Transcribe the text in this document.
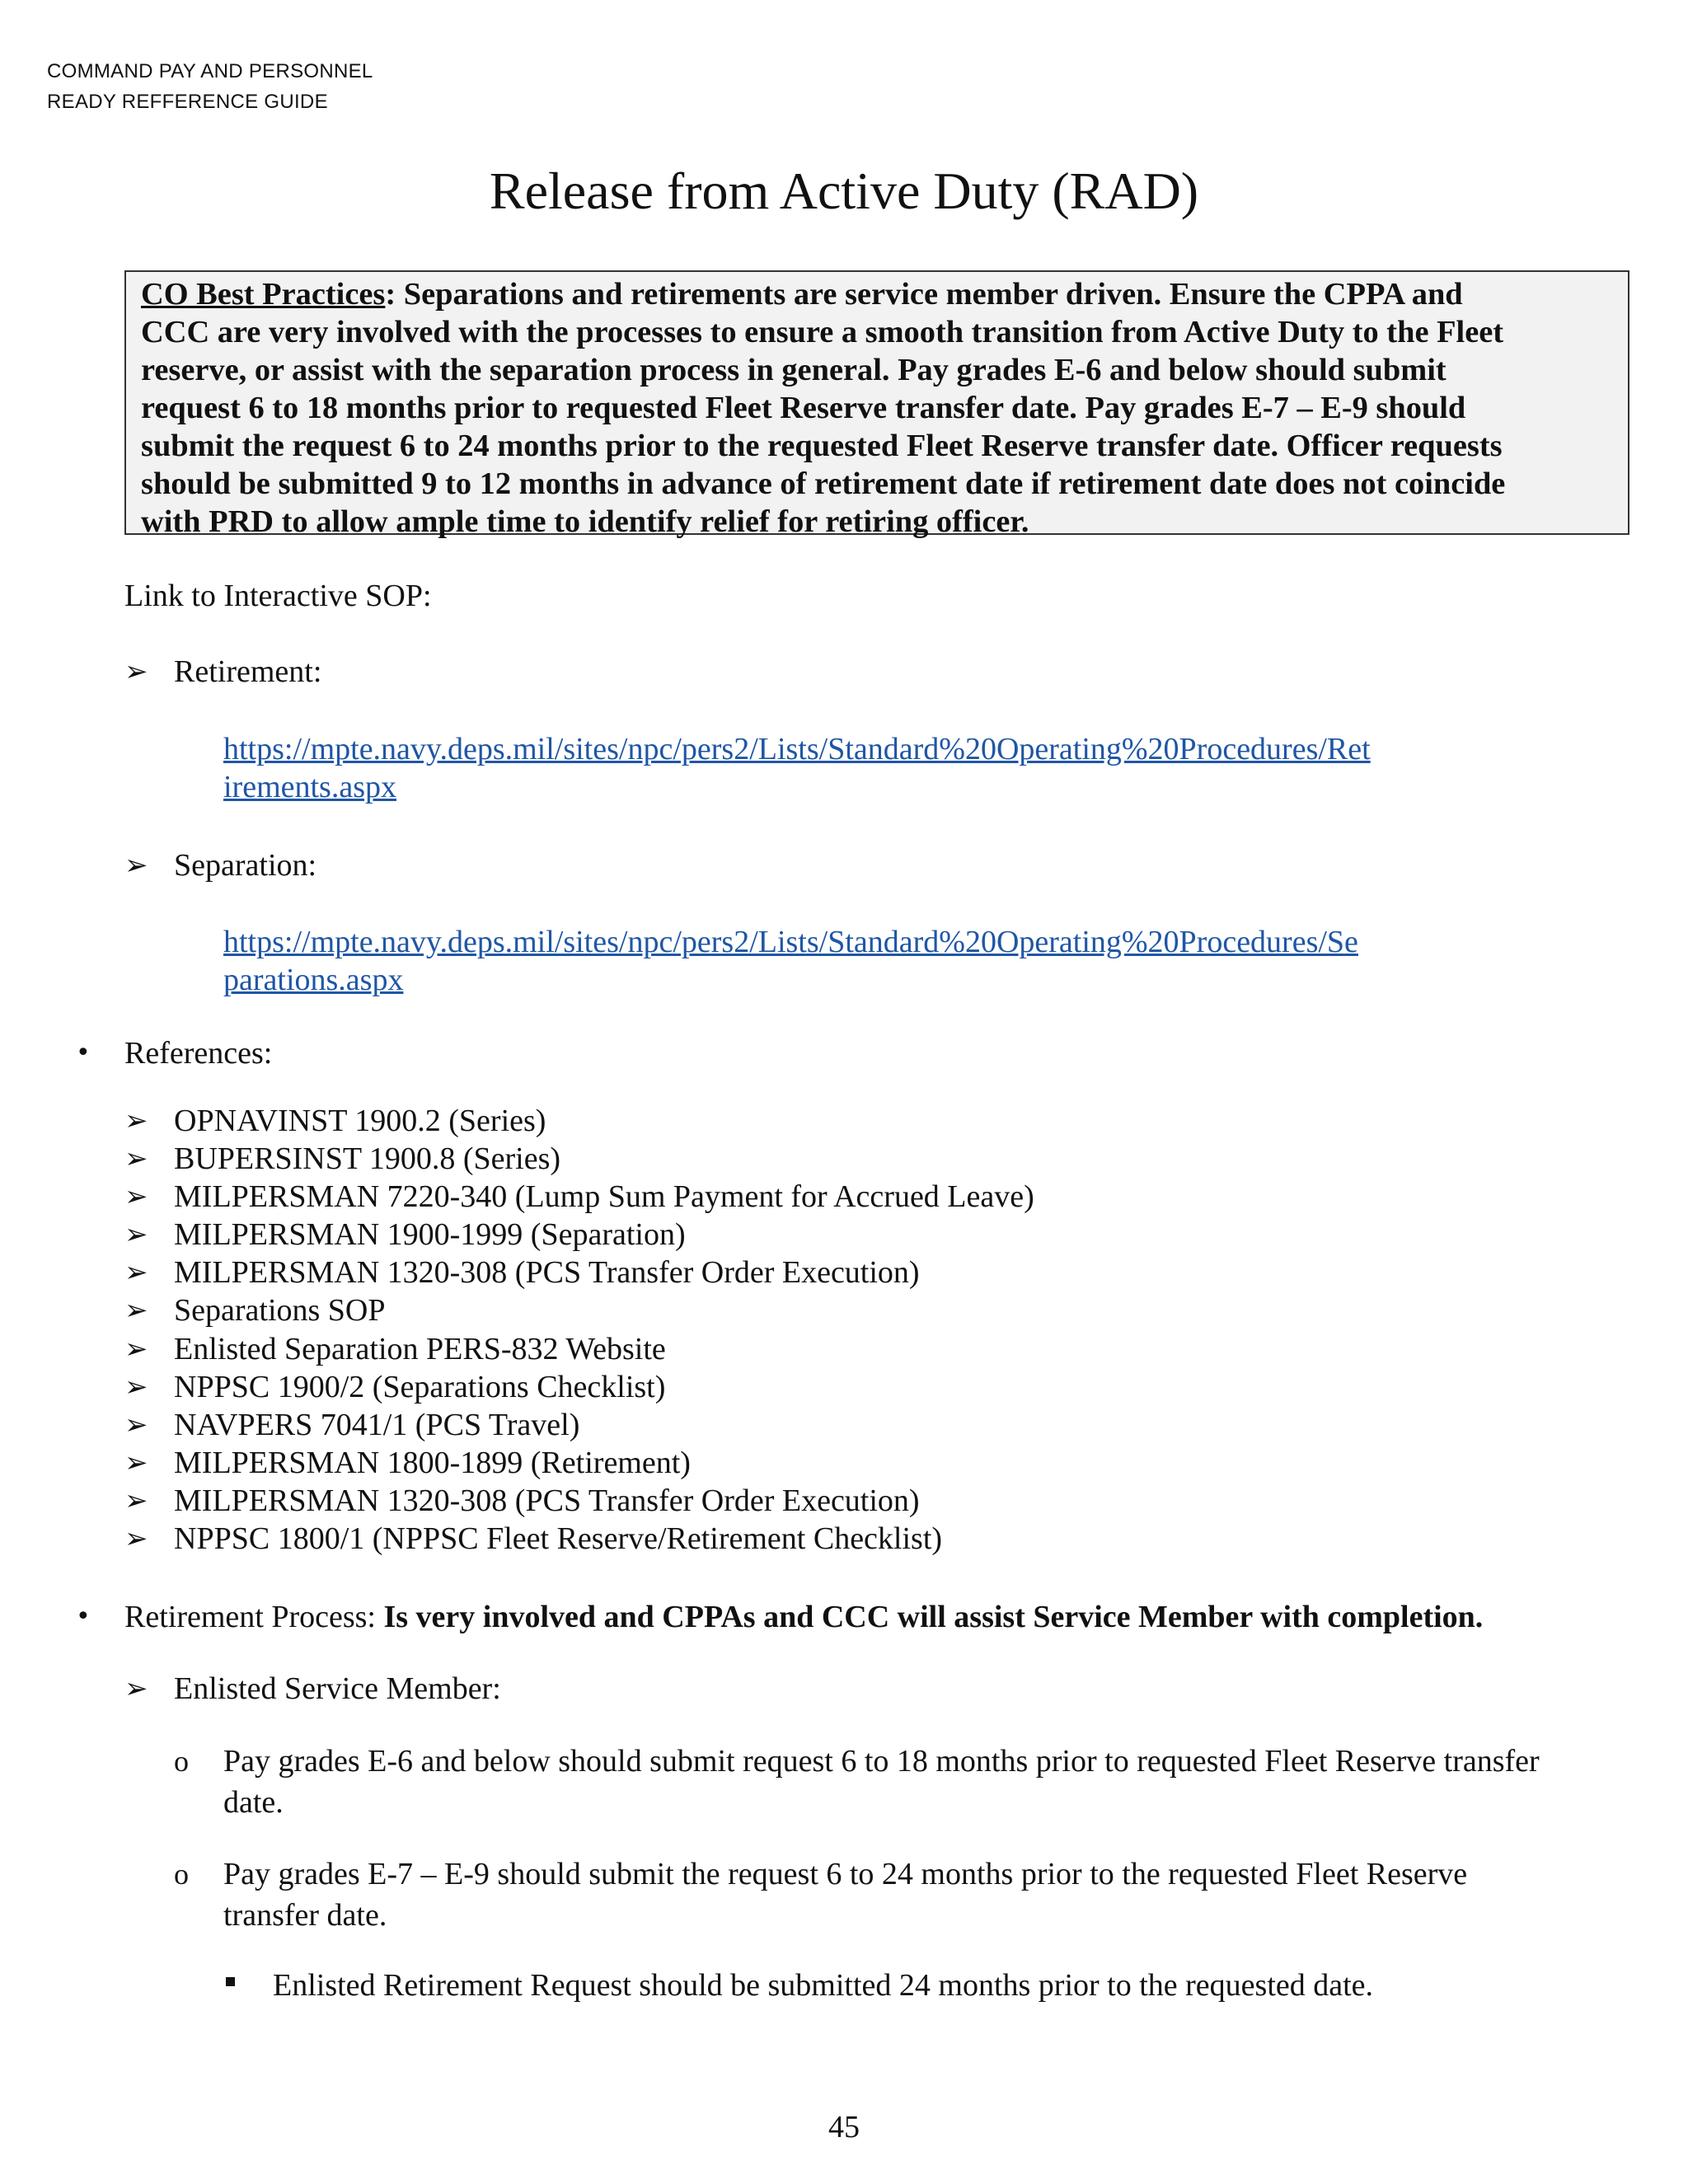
COMMAND PAY AND PERSONNEL
READY REFFERENCE GUIDE
Release from Active Duty (RAD)
CO Best Practices: Separations and retirements are service member driven. Ensure the CPPA and
CCC are very involved with the processes to ensure a smooth transition from Active Duty to the Fleet
reserve, or assist with the separation process in general. Pay grades E-6 and below should submit
request 6 to 18 months prior to requested Fleet Reserve transfer date. Pay grades E-7 – E-9 should
submit the request 6 to 24 months prior to the requested Fleet Reserve transfer date. Officer requests
should be submitted 9 to 12 months in advance of retirement date if retirement date does not coincide
with PRD to allow ample time to identify relief for retiring officer.
Link to Interactive SOP:
➢ Retirement:
https://mpte.navy.deps.mil/sites/npc/pers2/Lists/Standard%20Operating%20Procedures/Ret
irements.aspx
➢ Separation:
https://mpte.navy.deps.mil/sites/npc/pers2/Lists/Standard%20Operating%20Procedures/Se
parations.aspx
• References:
➢ OPNAVINST 1900.2 (Series)
➢ BUPERSINST 1900.8 (Series)
➢ MILPERSMAN 7220-340 (Lump Sum Payment for Accrued Leave)
➢ MILPERSMAN 1900-1999 (Separation)
➢ MILPERSMAN 1320-308 (PCS Transfer Order Execution)
➢ Separations SOP
➢ Enlisted Separation PERS-832 Website
➢ NPPSC 1900/2 (Separations Checklist)
➢ NAVPERS 7041/1 (PCS Travel)
➢ MILPERSMAN 1800-1899 (Retirement)
➢ MILPERSMAN 1320-308 (PCS Transfer Order Execution)
➢ NPPSC 1800/1 (NPPSC Fleet Reserve/Retirement Checklist)
• Retirement Process: Is very involved and CPPAs and CCC will assist Service Member with completion.
➢ Enlisted Service Member:
o Pay grades E-6 and below should submit request 6 to 18 months prior to requested Fleet Reserve transfer
date.
o Pay grades E-7 – E-9 should submit the request 6 to 24 months prior to the requested Fleet Reserve
transfer date.
Enlisted Retirement Request should be submitted 24 months prior to the requested date.
45
